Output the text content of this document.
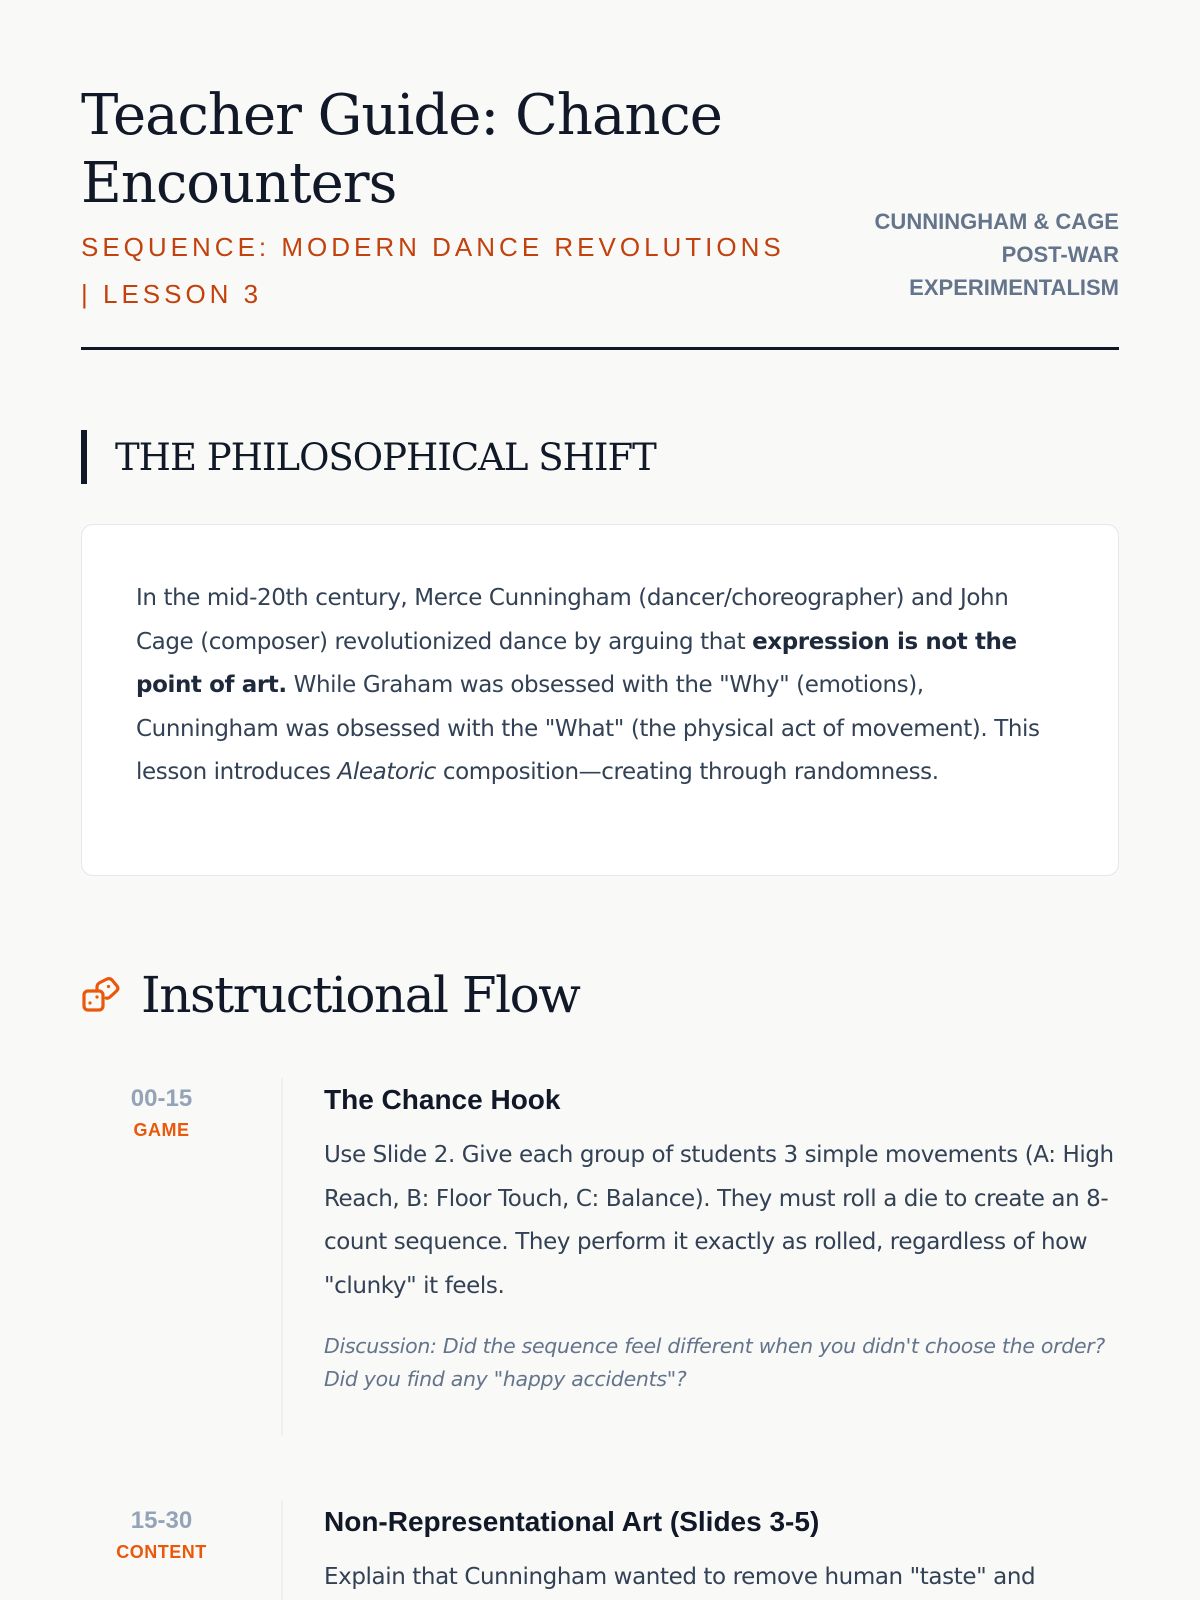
Teacher Guide: Chance Encounters
SEQUENCE: MODERN DANCE REVOLUTIONS | LESSON 3
CUNNINGHAM & CAGE
POST-WAR
EXPERIMENTALISM
THE PHILOSOPHICAL SHIFT

In the mid-20th century, Merce Cunningham (dancer/choreographer) and John Cage (composer) revolutionized dance by arguing that expression is not the point of art. While Graham was obsessed with the "Why" (emotions), Cunningham was obsessed with the "What" (the physical act of movement). This lesson introduces Aleatoric composition—creating through randomness.

Instructional Flow
00-15
GAME
The Chance Hook

Use Slide 2. Give each group of students 3 simple movements (A: High Reach, B: Floor Touch, C: Balance). They must roll a die to create an 8-count sequence. They perform it exactly as rolled, regardless of how "clunky" it feels.

Discussion: Did the sequence feel different when you didn't choose the order? Did you find any "happy accidents"?

15-30
CONTENT
Non-Representational Art (Slides 3-5)

Explain that Cunningham wanted to remove human "taste" and
